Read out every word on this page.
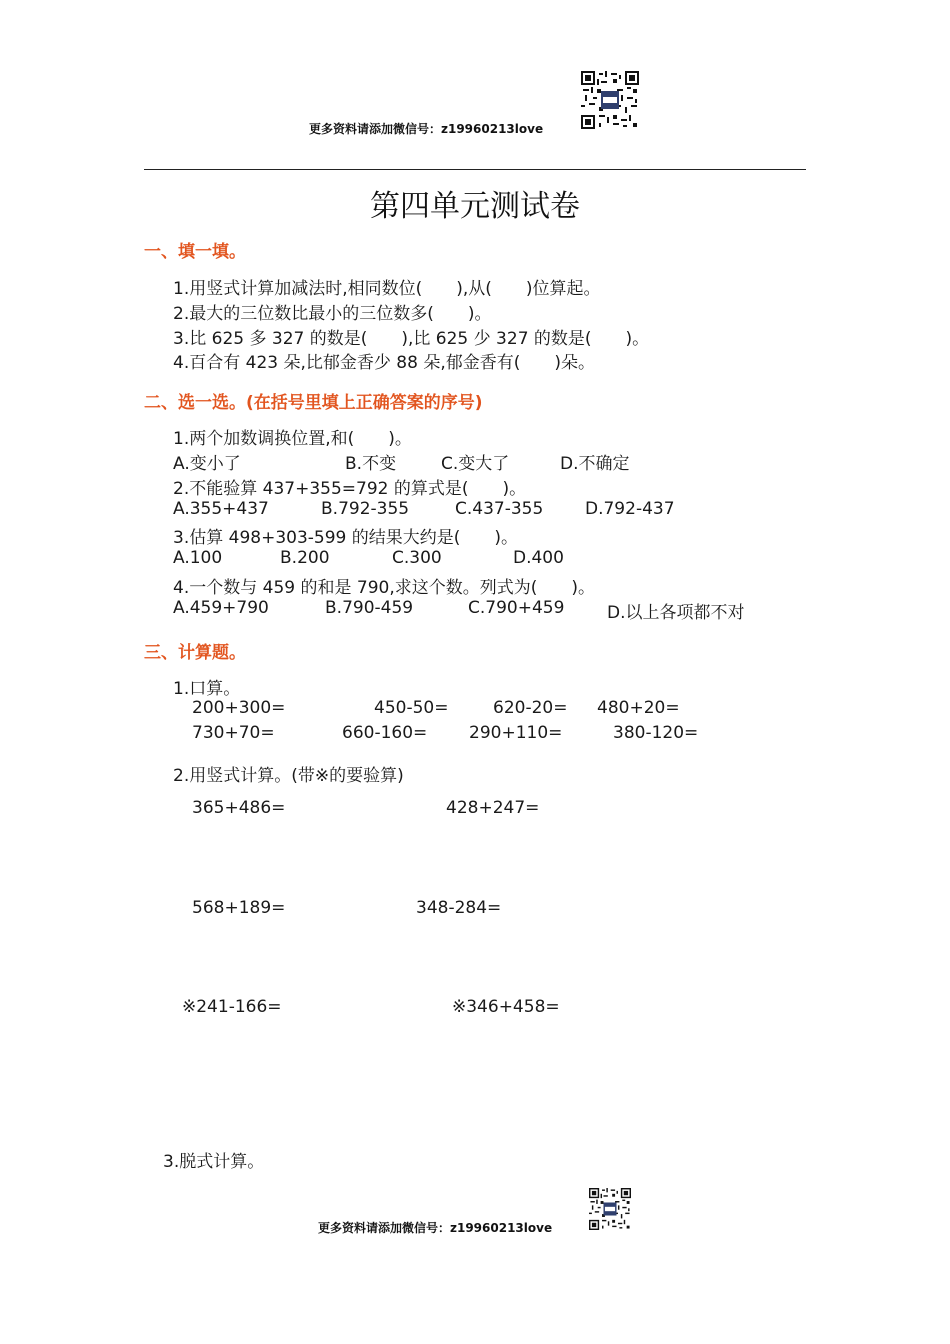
更多资料请添加微信号：z19960213love
第四单元测试卷
一、填一填。
1.用竖式计算加减法时,相同数位(　　),从(　　)位算起。
2.最大的三位数比最小的三位数多(　　)。
3.比 625 多 327 的数是(　　),比 625 少 327 的数是(　　)。
4.百合有 423 朵,比郁金香少 88 朵,郁金香有(　　)朵。
二、选一选。(在括号里填上正确答案的序号)
1.两个加数调换位置,和(　　)。
A.变小了	B.不变	C.变大了	D.不确定
2.不能验算 437+355=792 的算式是(　　)。
A.355+437	B.792-355	C.437-355 D.792-437
3.估算 498+303-599 的结果大约是(　　)。
A.100	B.200	C.300	D.400
4.一个数与 459 的和是 790,求这个数。列式为(　　)。
A.459+790	B.790-459	C.790+459	D.以上各项都不对
三、计算题。
1.口算。
200+300=	450-50=	620-20= 480+20=
730+70=	660-160= 290+110=	380-120=
2.用竖式计算。(带※的要验算)
365+486=	428+247=
568+189=	348-284=
※241-166=	※346+458=
3.脱式计算。
更多资料请添加微信号：z19960213love
